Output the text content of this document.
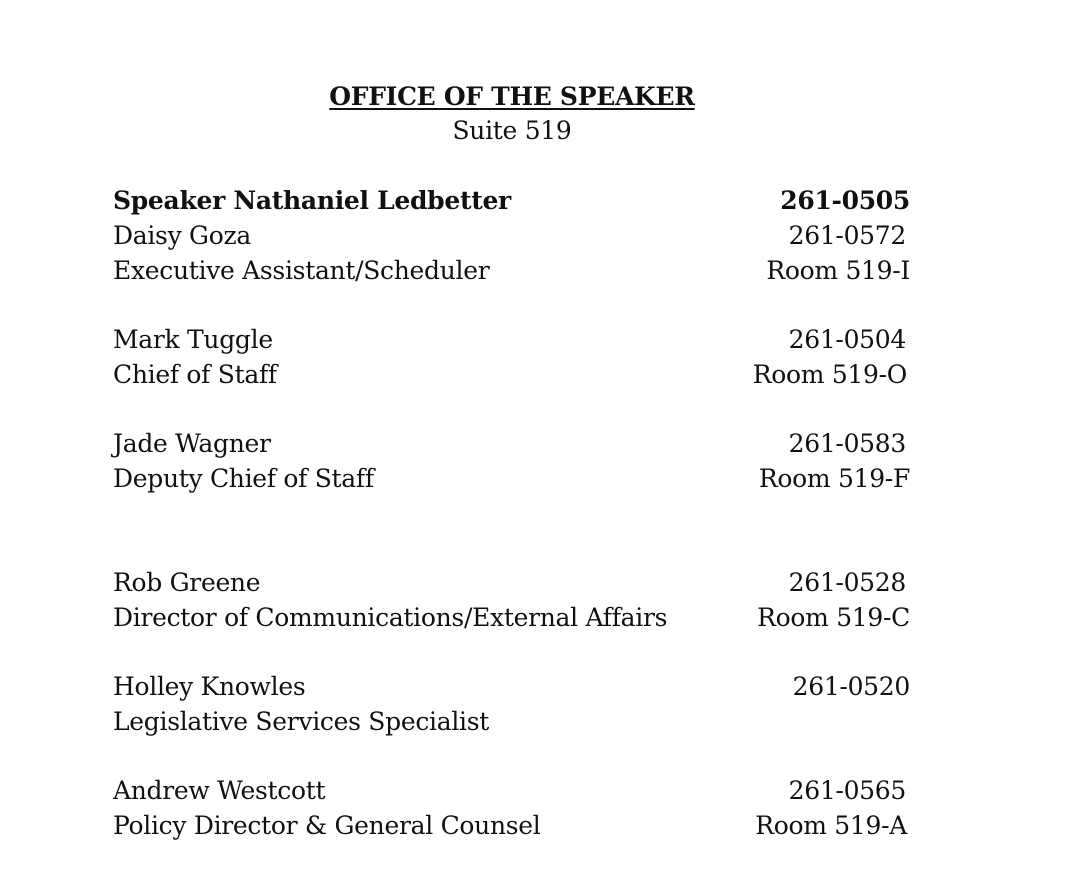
OFFICE OF THE SPEAKER
Suite 519
Speaker Nathaniel Ledbetter	261-0505
Daisy Goza	261-0572
Executive Assistant/Scheduler	Room 519-I
Mark Tuggle	261-0504
Chief of Staff	Room 519-O
Jade Wagner	261-0583
Deputy Chief of Staff	Room 519-F
Rob Greene	261-0528
Director of Communications/External Affairs	Room 519-C
Holley Knowles	261-0520
Legislative Services Specialist
Andrew Westcott	261-0565
Policy Director & General Counsel	Room 519-A
